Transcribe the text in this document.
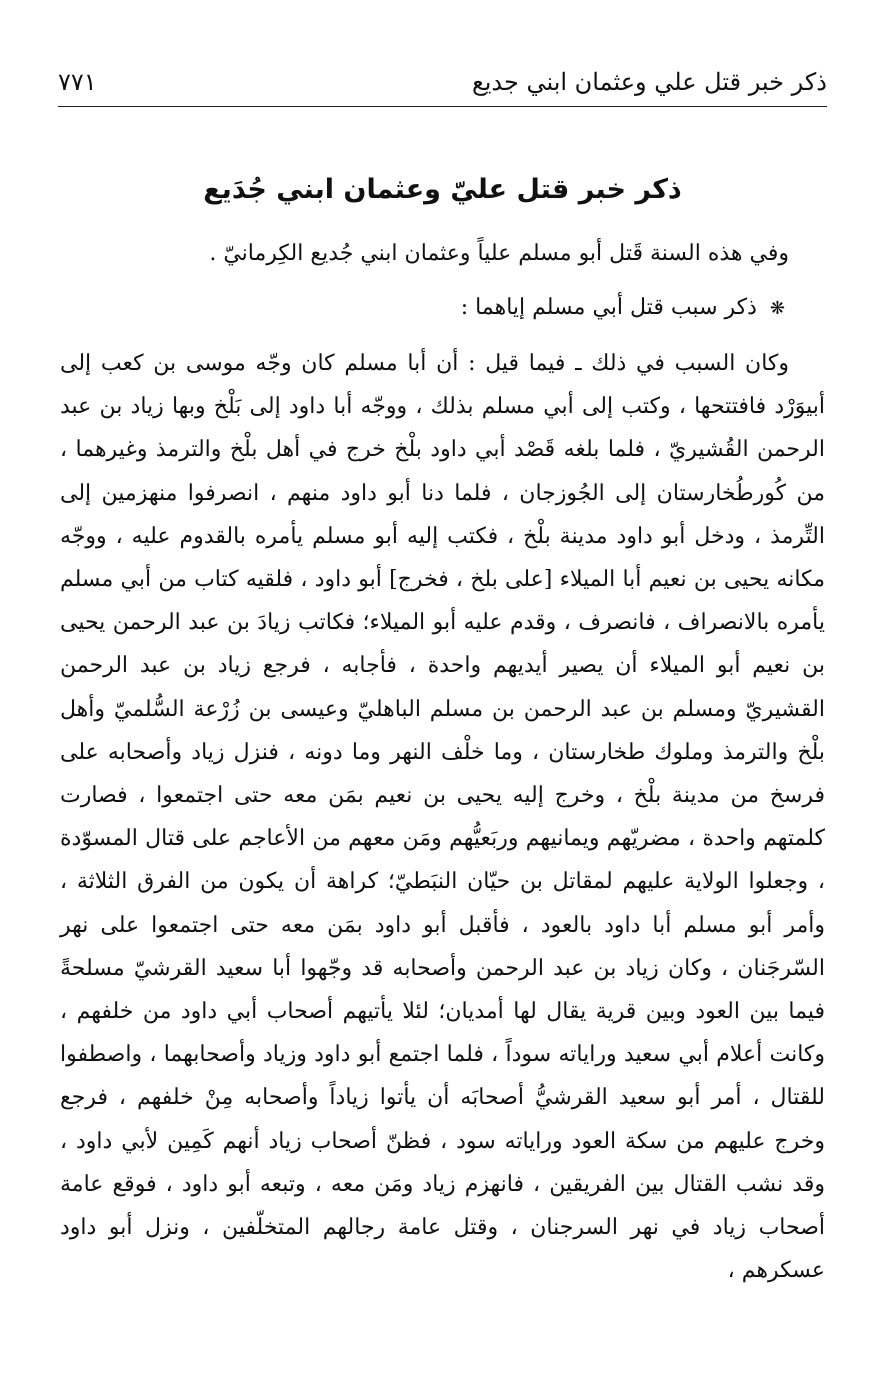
ذكر خبر قتل علي وعثمان ابني جديع
٧٧١
ذكر خبر قتل عليّ وعثمان ابني جُدَيع
وفي هذه السنة قَتل أبو مسلم علياً وعثمان ابني جُديع الكِرمانيّ .
❋ ذكر سبب قتل أبي مسلم إياهما :
وكان السبب في ذلك ـ فيما قيل : أن أبا مسلم كان وجّه موسى بن كعب إلى أبيوَرْد فافتتحها ، وكتب إلى أبي مسلم بذلك ، ووجّه أبا داود إلى بَلْخ وبها زياد بن عبد الرحمن القُشيريّ ، فلما بلغه قَصْد أبي داود بلْخ خرج في أهل بلْخ والترمذ وغيرهما ، من كُورطُخارستان إلى الجُوزجان ، فلما دنا أبو داود منهم ، انصرفوا منهزمين إلى التِّرمذ ، ودخل أبو داود مدينة بلْخ ، فكتب إليه أبو مسلم يأمره بالقدوم عليه ، ووجّه مكانه يحيى بن نعيم أبا الميلاء [على بلخ ، فخرج] أبو داود ، فلقيه كتاب من أبي مسلم يأمره بالانصراف ، فانصرف ، وقدم عليه أبو الميلاء؛ فكاتب زيادَ بن عبد الرحمن يحيى بن نعيم أبو الميلاء أن يصير أيديهم واحدة ، فأجابه ، فرجع زياد بن عبد الرحمن القشيريّ ومسلم بن عبد الرحمن بن مسلم الباهليّ وعيسى بن زُرْعة السُّلميّ وأهل بلْخ والترمذ وملوك طخارستان ، وما خلْف النهر وما دونه ، فنزل زياد وأصحابه على فرسخ من مدينة بلْخ ، وخرج إليه يحيى بن نعيم بمَن معه حتى اجتمعوا ، فصارت كلمتهم واحدة ، مضريّهم ويمانيهم وربَعيُّهم ومَن معهم من الأعاجم على قتال المسوّدة ، وجعلوا الولاية عليهم لمقاتل بن حيّان النبَطيّ؛ كراهة أن يكون من الفرق الثلاثة ، وأمر أبو مسلم أبا داود بالعود ، فأقبل أبو داود بمَن معه حتى اجتمعوا على نهر السّرجَنان ، وكان زياد بن عبد الرحمن وأصحابه قد وجّهوا أبا سعيد القرشيّ مسلحةً فيما بين العود وبين قرية يقال لها أمديان؛ لئلا يأتيهم أصحاب أبي داود من خلفهم ، وكانت أعلام أبي سعيد وراياته سوداً ، فلما اجتمع أبو داود وزياد وأصحابهما ، واصطفوا للقتال ، أمر أبو سعيد القرشيُّ أصحابَه أن يأتوا زياداً وأصحابه مِنْ خلفهم ، فرجع وخرج عليهم من سكة العود وراياته سود ، فظنّ أصحاب زياد أنهم كَمِين لأبي داود ، وقد نشب القتال بين الفريقين ، فانهزم زياد ومَن معه ، وتبعه أبو داود ، فوقع عامة أصحاب زياد في نهر السرجنان ، وقتل عامة رجالهم المتخلّفين ، ونزل أبو داود عسكرهم ،
